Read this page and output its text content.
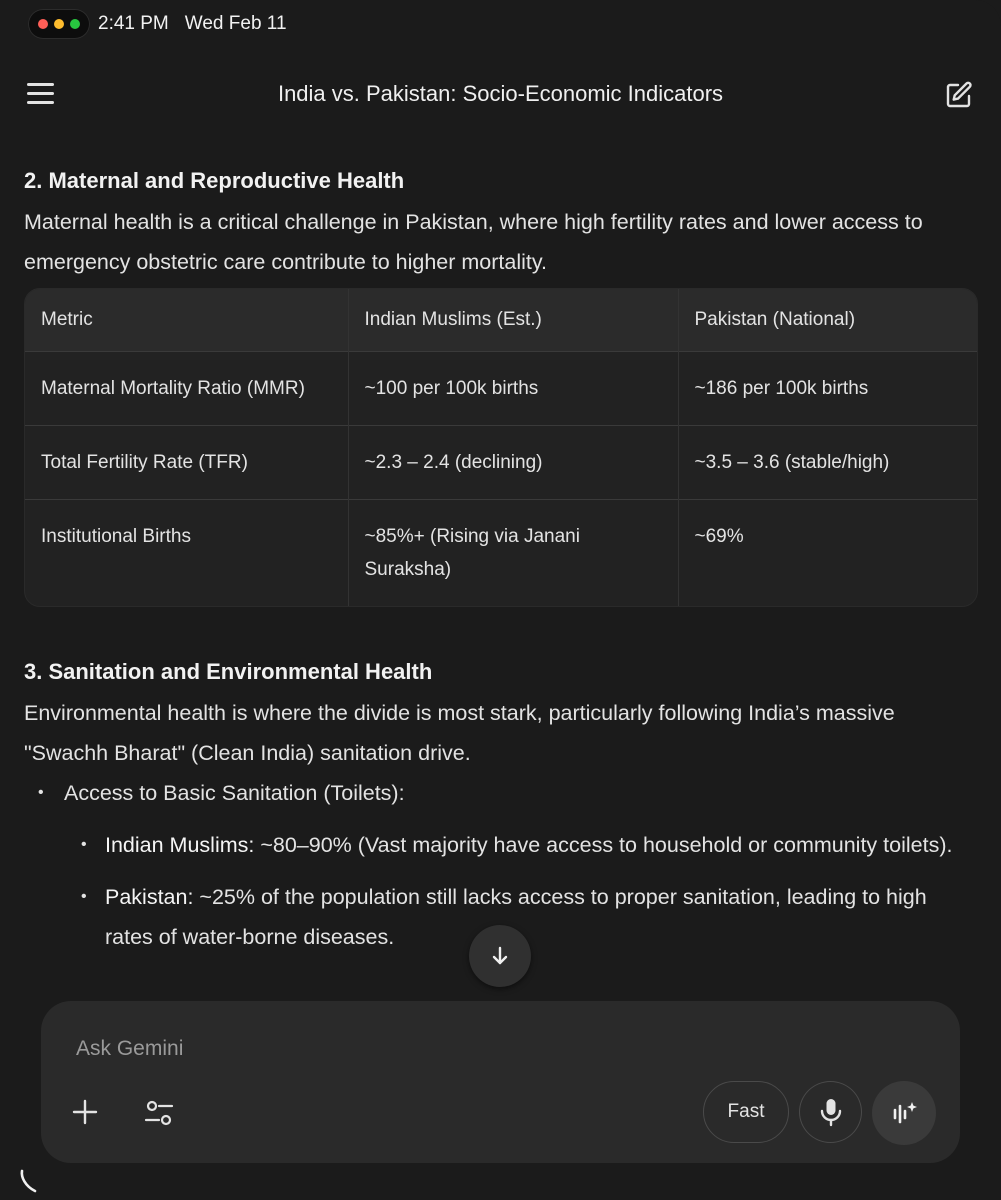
2:41 PM Wed Feb 11
India vs. Pakistan: Socio-Economic Indicators
2. Maternal and Reproductive Health

Maternal health is a critical challenge in Pakistan, where high fertility rates and lower access to emergency obstetric care contribute to higher mortality.

Metric	Indian Muslims (Est.)	Pakistan (National)
Maternal Mortality Ratio (MMR)	~100 per 100k births	~186 per 100k births
Total Fertility Rate (TFR)	~2.3 – 2.4 (declining)	~3.5 – 3.6 (stable/high)
Institutional Births	~85%+ (Rising via Janani Suraksha)	~69%
3. Sanitation and Environmental Health

Environmental health is where the divide is most stark, particularly following India’s massive "Swachh Bharat" (Clean India) sanitation drive.

• Access to Basic Sanitation (Toilets):
• Indian Muslims: ~80–90% (Vast majority have access to household or community toilets).
• Pakistan: ~25% of the population still lacks access to proper sanitation, leading to high rates of water-borne diseases.
Ask Gemini
Fast
